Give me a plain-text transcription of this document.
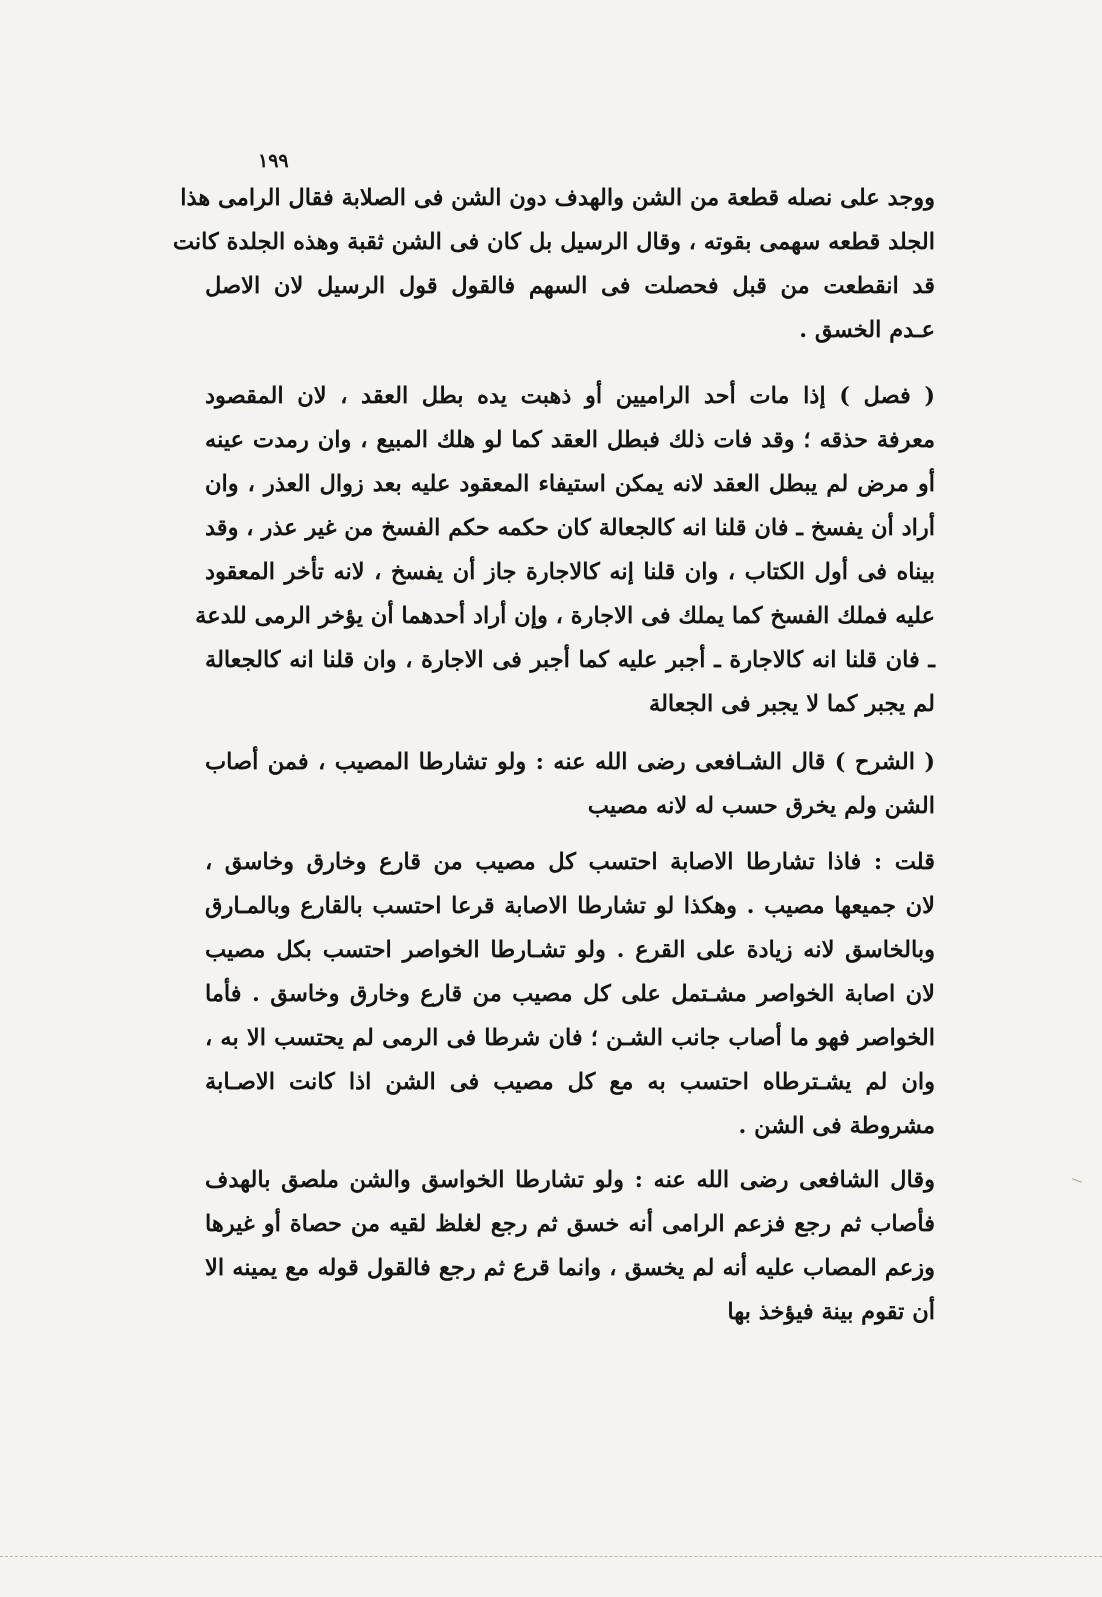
١٩٩
ووجد على نصله قطعة من الشن والهدف دون الشن فى الصلابة فقال الرامى هذا
الجلد قطعه سهمى بقوته ، وقال الرسيل بل كان فى الشن ثقبة وهذه الجلدة كانت
قد انقطعت من قبل فحصلت فى السهم فالقول قول الرسيل لان الاصل
عـدم الخسق .
( فصل ) إذا مات أحد الراميين أو ذهبت يده بطل العقد ، لان المقصود
معرفة حذقه ؛ وقد فات ذلك فبطل العقد كما لو هلك المبيع ، وان رمدت عينه
أو مرض لم يبطل العقد لانه يمكن استيفاء المعقود عليه بعد زوال العذر ، وان
أراد أن يفسخ ـ فان قلنا انه كالجعالة كان حكمه حكم الفسخ من غير عذر ، وقد
بيناه فى أول الكتاب ، وان قلنا إنه كالاجارة جاز أن يفسخ ، لانه تأخر المعقود
عليه فملك الفسخ كما يملك فى الاجارة ، وإن أراد أحدهما أن يؤخر الرمى للدعة
ـ فان قلنا انه كالاجارة ـ أجبر عليه كما أجبر فى الاجارة ، وان قلنا انه كالجعالة
لم يجبر كما لا يجبر فى الجعالة
( الشرح ) قال الشـافعى رضى الله عنه : ولو تشارطا المصيب ، فمن أصاب
الشن ولم يخرق حسب له لانه مصيب
قلت : فاذا تشارطا الاصابة احتسب كل مصيب من قارع وخارق وخاسق ،
لان جميعها مصيب . وهكذا لو تشارطا الاصابة قرعا احتسب بالقارع وبالمـارق
وبالخاسق لانه زيادة على القرع . ولو تشـارطا الخواصر احتسب بكل مصيب
لان اصابة الخواصر مشـتمل على كل مصيب من قارع وخارق وخاسق . فأما
الخواصر فهو ما أصاب جانب الشـن ؛ فان شرطا فى الرمى لم يحتسب الا به ،
وان لم يشـترطاه احتسب به مع كل مصيب فى الشن اذا كانت الاصـابة
مشروطة فى الشن .
وقال الشافعى رضى الله عنه : ولو تشارطا الخواسق والشن ملصق بالهدف
فأصاب ثم رجع فزعم الرامى أنه خسق ثم رجع لغلظ لقيه من حصاة أو غيرها
وزعم المصاب عليه أنه لم يخسق ، وانما قرع ثم رجع فالقول قوله مع يمينه الا
أن تقوم بينة فيؤخذ بها
